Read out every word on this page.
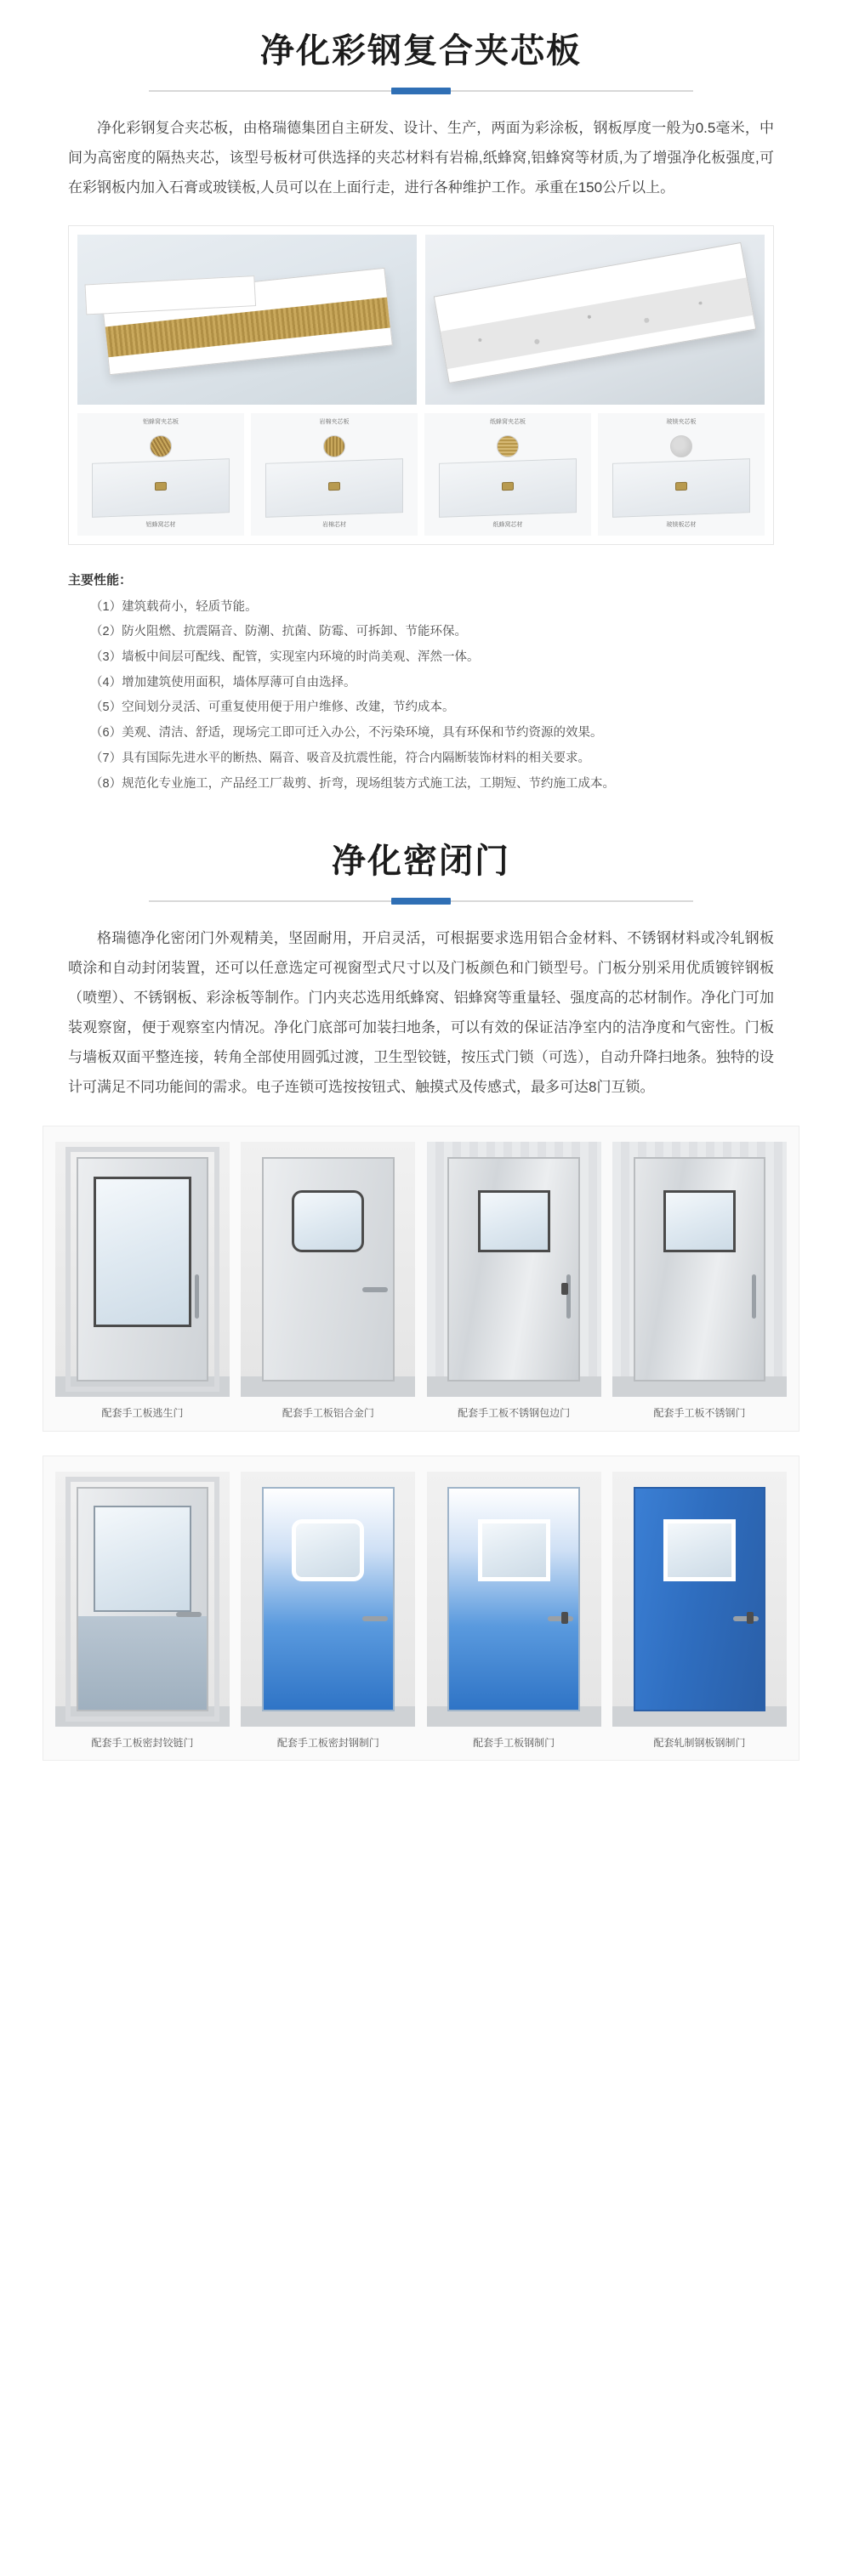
净化彩钢复合夹芯板

净化彩钢复合夹芯板，由格瑞德集团自主研发、设计、生产，两面为彩涂板，钢板厚度一般为0.5毫米，中间为高密度的隔热夹芯，该型号板材可供选择的夹芯材料有岩棉,纸蜂窝,铝蜂窝等材质,为了增强净化板强度,可在彩钢板内加入石膏或玻镁板,人员可以在上面行走，进行各种维护工作。承重在150公斤以上。

铝蜂窝夹芯板
铝蜂窝芯材
岩棉夹芯板
岩棉芯材
纸蜂窝夹芯板
纸蜂窝芯材
玻镁夹芯板
玻镁板芯材
主要性能：
（1）建筑载荷小，轻质节能。
（2）防火阻燃、抗震隔音、防潮、抗菌、防霉、可拆卸、节能环保。
（3）墙板中间层可配线、配管，实现室内环境的时尚美观、浑然一体。
（4）增加建筑使用面积，墙体厚薄可自由选择。
（5）空间划分灵活、可重复使用便于用户维修、改建，节约成本。
（6）美观、清洁、舒适，现场完工即可迁入办公，不污染环境，具有环保和节约资源的效果。
（7）具有国际先进水平的断热、隔音、吸音及抗震性能，符合内隔断装饰材料的相关要求。
（8）规范化专业施工，产品经工厂裁剪、折弯，现场组装方式施工法，工期短、节约施工成本。
净化密闭门

格瑞德净化密闭门外观精美，坚固耐用，开启灵活，可根据要求选用铝合金材料、不锈钢材料或冷轧钢板喷涂和自动封闭装置，还可以任意选定可视窗型式尺寸以及门板颜色和门锁型号。门板分别采用优质镀锌钢板（喷塑）、不锈钢板、彩涂板等制作。门内夹芯选用纸蜂窝、铝蜂窝等重量轻、强度高的芯材制作。净化门可加装观察窗，便于观察室内情况。净化门底部可加装扫地条，可以有效的保证洁净室内的洁净度和气密性。门板与墙板双面平整连接，转角全部使用圆弧过渡，卫生型铰链，按压式门锁（可选），自动升降扫地条。独特的设计可满足不同功能间的需求。电子连锁可选按按钮式、触摸式及传感式，最多可达8门互锁。

配套手工板逃生门	配套手工板铝合金门	配套手工板不锈钢包边门	配套手工板不锈钢门
配套手工板密封铰链门	配套手工板密封钢制门	配套手工板钢制门	配套轧制钢板钢制门
